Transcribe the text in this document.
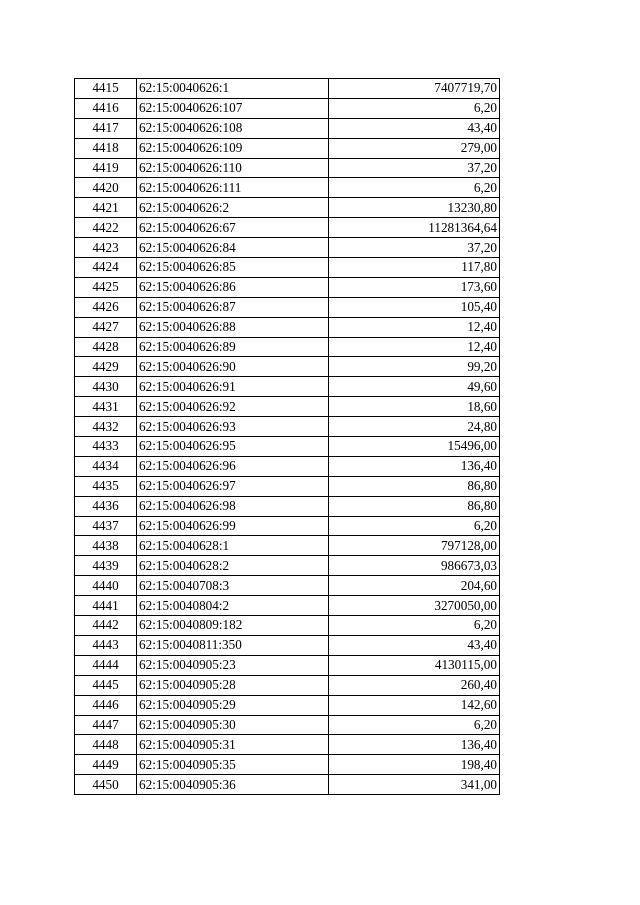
4415	62:15:0040626:1	7407719,70
4416	62:15:0040626:107	6,20
4417	62:15:0040626:108	43,40
4418	62:15:0040626:109	279,00
4419	62:15:0040626:110	37,20
4420	62:15:0040626:111	6,20
4421	62:15:0040626:2	13230,80
4422	62:15:0040626:67	11281364,64
4423	62:15:0040626:84	37,20
4424	62:15:0040626:85	117,80
4425	62:15:0040626:86	173,60
4426	62:15:0040626:87	105,40
4427	62:15:0040626:88	12,40
4428	62:15:0040626:89	12,40
4429	62:15:0040626:90	99,20
4430	62:15:0040626:91	49,60
4431	62:15:0040626:92	18,60
4432	62:15:0040626:93	24,80
4433	62:15:0040626:95	15496,00
4434	62:15:0040626:96	136,40
4435	62:15:0040626:97	86,80
4436	62:15:0040626:98	86,80
4437	62:15:0040626:99	6,20
4438	62:15:0040628:1	797128,00
4439	62:15:0040628:2	986673,03
4440	62:15:0040708:3	204,60
4441	62:15:0040804:2	3270050,00
4442	62:15:0040809:182	6,20
4443	62:15:0040811:350	43,40
4444	62:15:0040905:23	4130115,00
4445	62:15:0040905:28	260,40
4446	62:15:0040905:29	142,60
4447	62:15:0040905:30	6,20
4448	62:15:0040905:31	136,40
4449	62:15:0040905:35	198,40
4450	62:15:0040905:36	341,00
